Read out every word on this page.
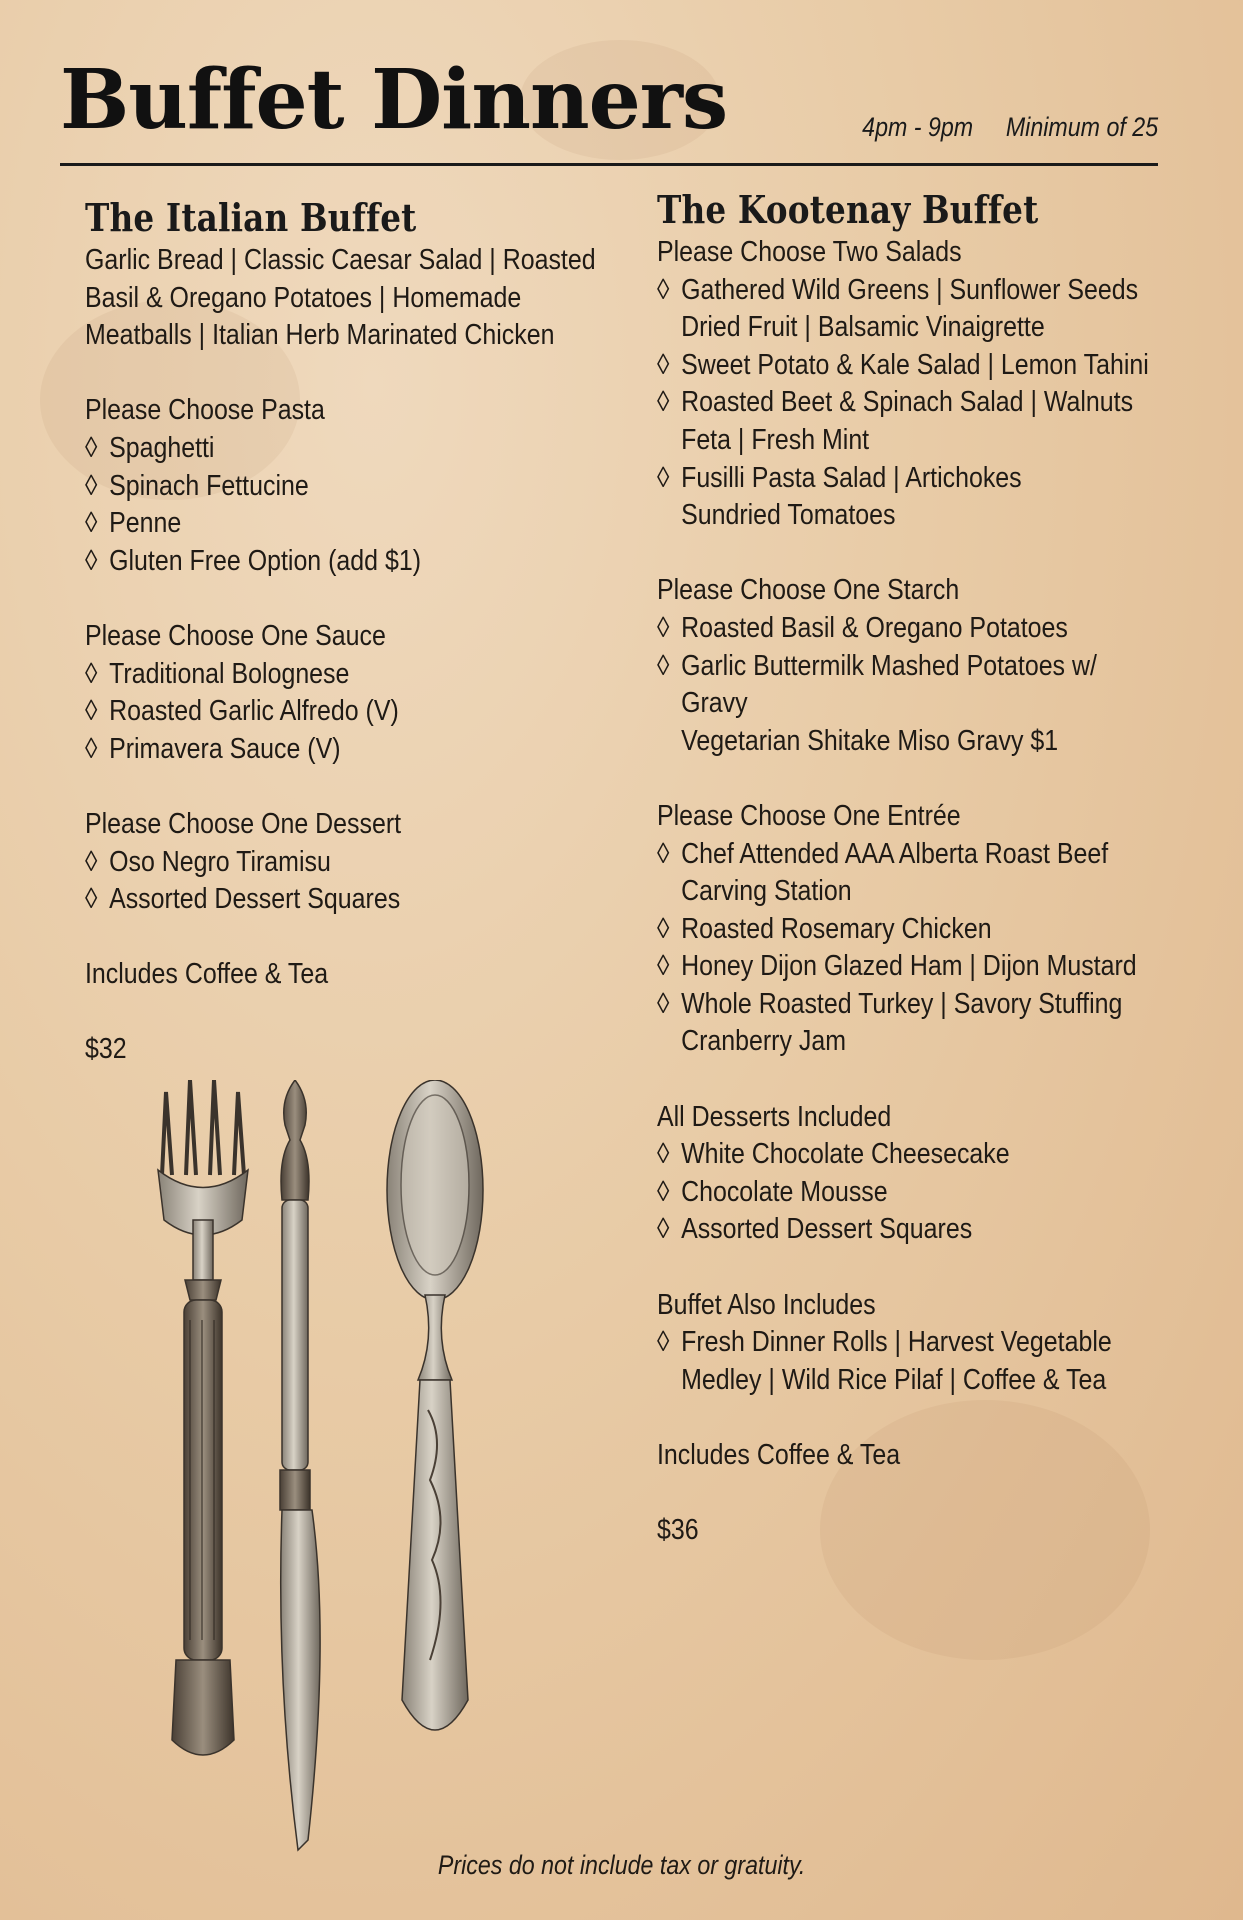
Buffet Dinners	4pm - 9pm Minimum of 25
The Italian Buffet

Garlic Bread | Classic Caesar Salad | Roasted

Basil & Oregano Potatoes | Homemade

Meatballs | Italian Herb Marinated Chicken

Please Choose Pasta

◊ Spaghetti
◊ Spinach Fettucine
◊ Penne
◊ Gluten Free Option (add $1)

Please Choose One Sauce

◊ Traditional Bolognese
◊ Roasted Garlic Alfredo (V)
◊ Primavera Sauce (V)

Please Choose One Dessert

◊ Oso Negro Tiramisu
◊ Assorted Dessert Squares

Includes Coffee & Tea

$32

The Kootenay Buffet

Please Choose Two Salads

◊ Gathered Wild Greens | Sunflower Seeds
Dried Fruit | Balsamic Vinaigrette
◊ Sweet Potato & Kale Salad | Lemon Tahini
◊ Roasted Beet & Spinach Salad | Walnuts
Feta | Fresh Mint
◊ Fusilli Pasta Salad | Artichokes
Sundried Tomatoes

Please Choose One Starch

◊ Roasted Basil & Oregano Potatoes
◊ Garlic Buttermilk Mashed Potatoes w/
Gravy
Vegetarian Shitake Miso Gravy $1

Please Choose One Entrée

◊ Chef Attended AAA Alberta Roast Beef
Carving Station
◊ Roasted Rosemary Chicken
◊ Honey Dijon Glazed Ham | Dijon Mustard
◊ Whole Roasted Turkey | Savory Stuffing
Cranberry Jam

All Desserts Included

◊ White Chocolate Cheesecake
◊ Chocolate Mousse
◊ Assorted Dessert Squares

Buffet Also Includes

◊ Fresh Dinner Rolls | Harvest Vegetable
Medley | Wild Rice Pilaf | Coffee & Tea

Includes Coffee & Tea

$36

Prices do not include tax or gratuity.
